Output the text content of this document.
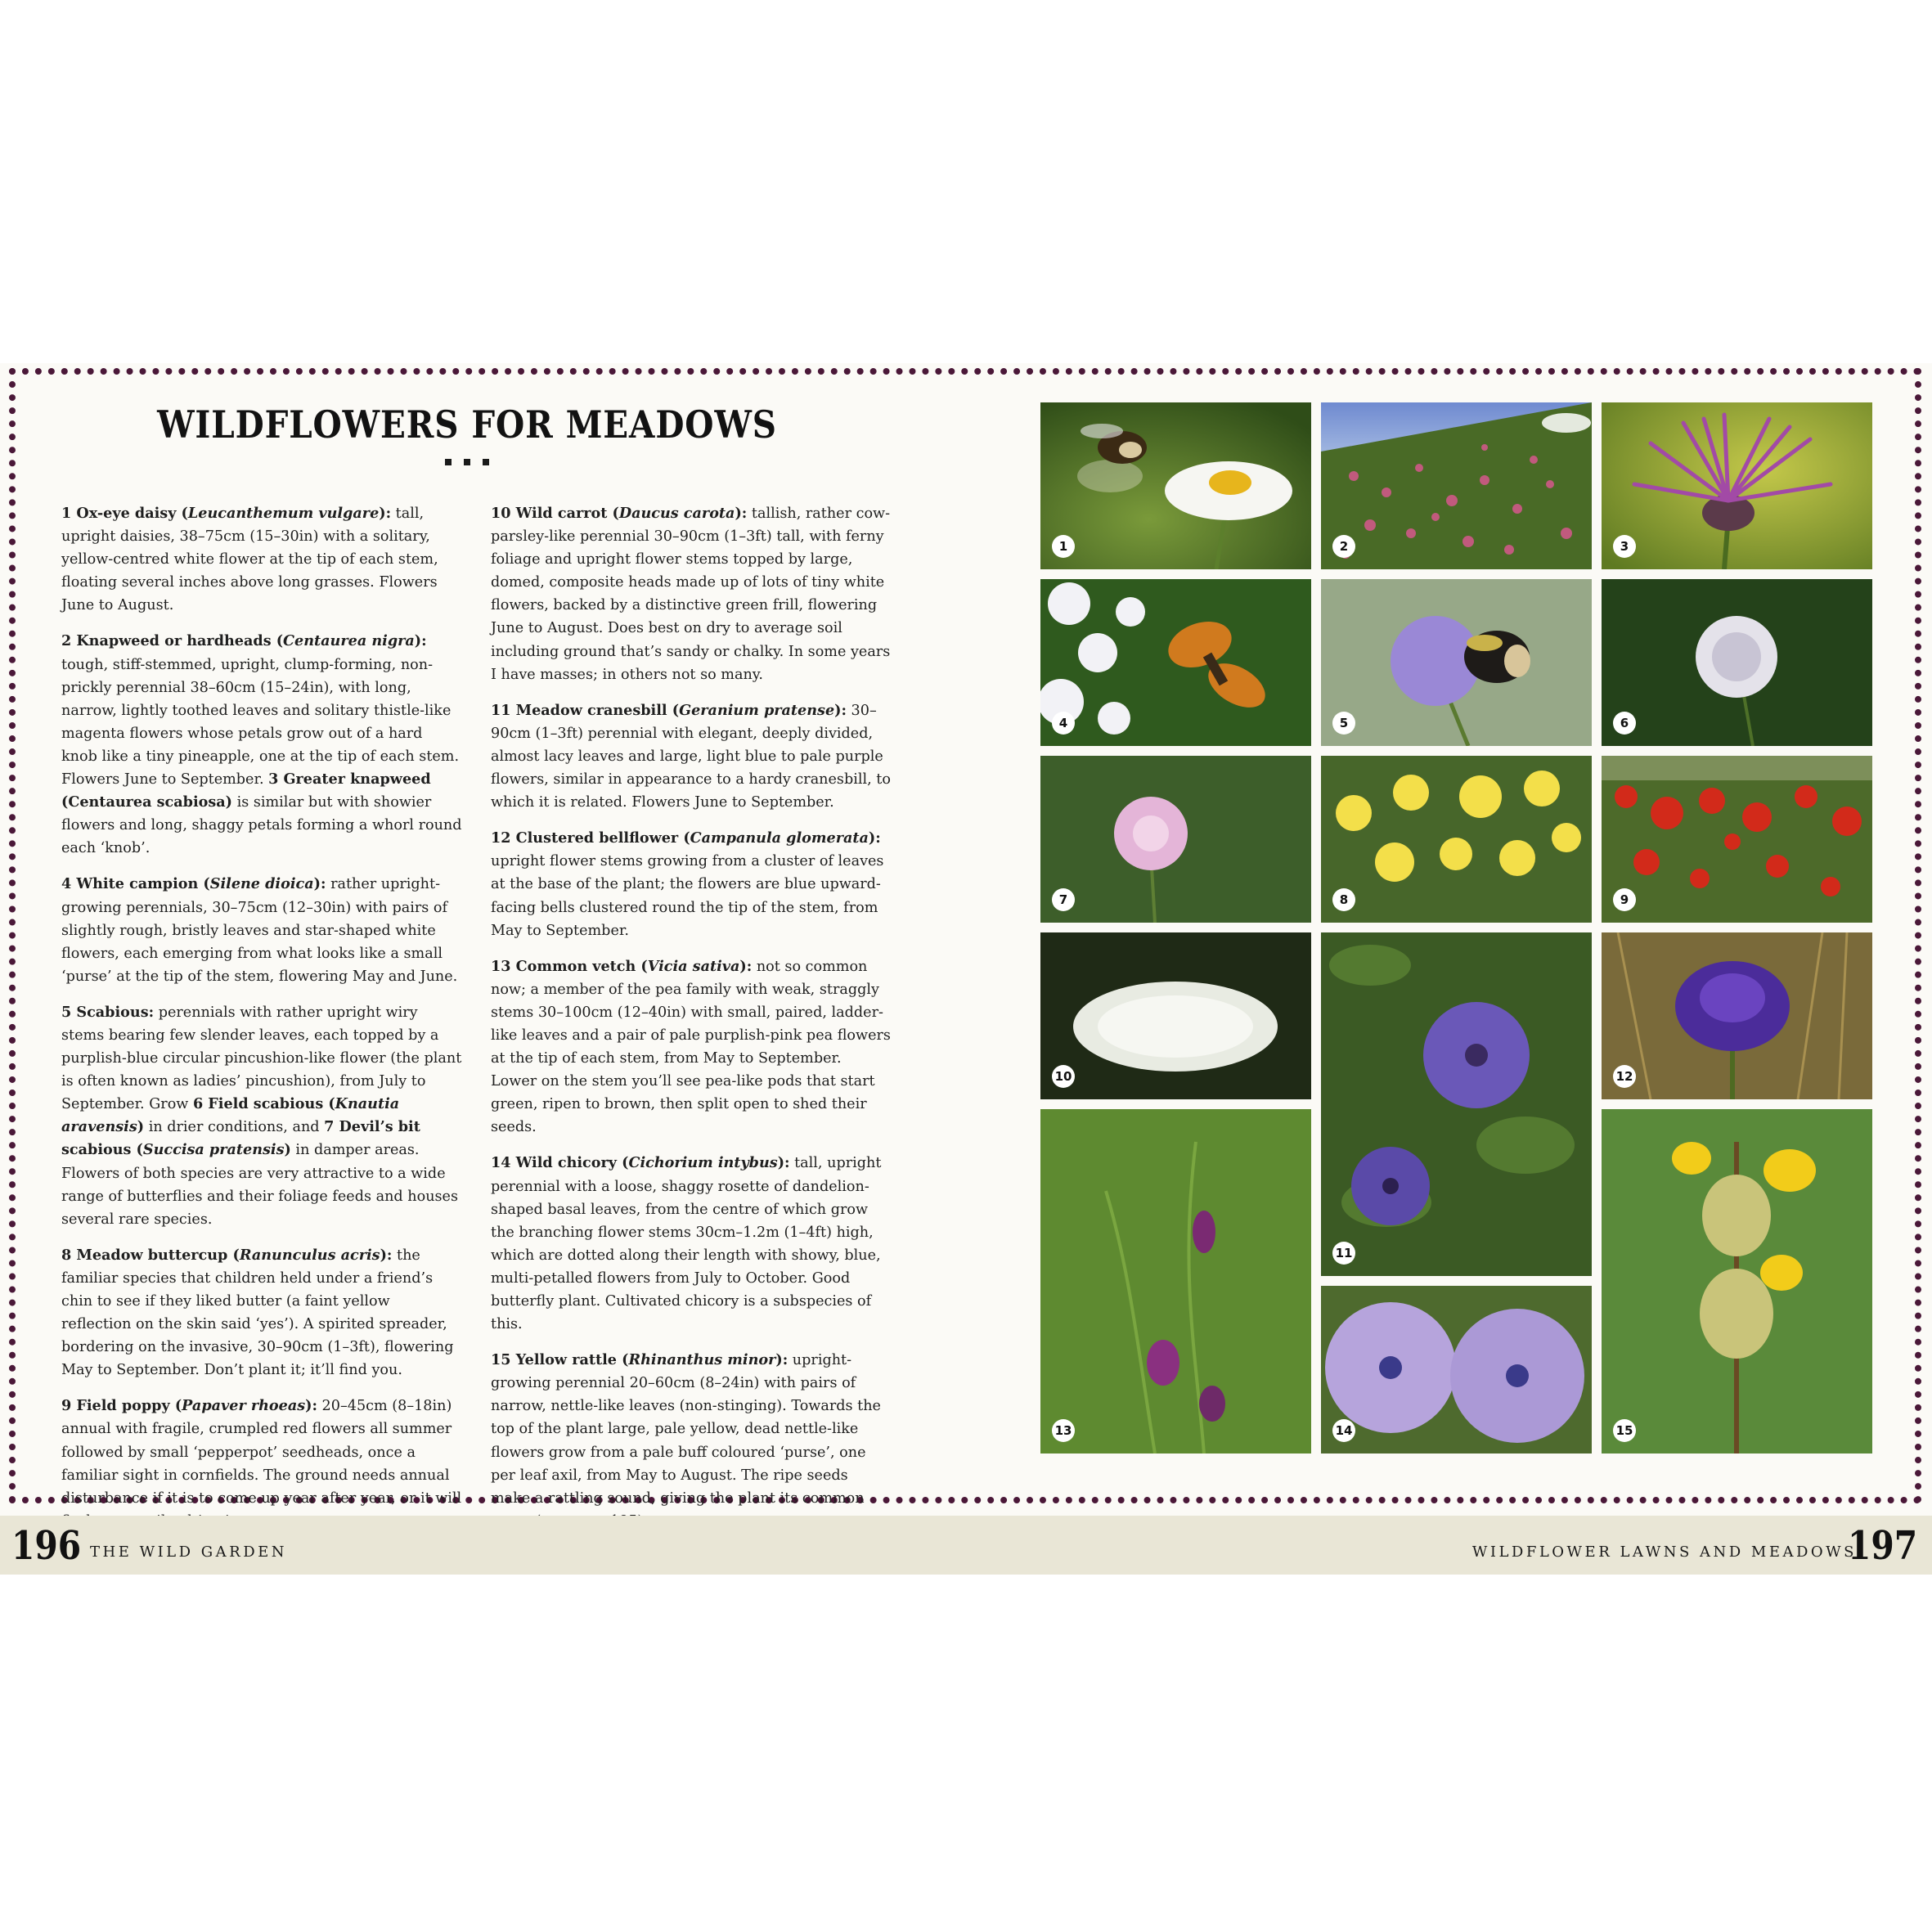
WILDFLOWERS FOR MEADOWS

1 Ox-eye daisy (Leucanthemum vulgare): tall, upright daisies, 38–75cm (15–30in) with a solitary, yellow-centred white flower at the tip of each stem, floating several inches above long grasses. Flowers June to August.

2 Knapweed or hardheads (Centaurea nigra): tough, stiff-stemmed, upright, clump-forming, non-prickly perennial 38–60cm (15–24in), with long, narrow, lightly toothed leaves and solitary thistle-like magenta flowers whose petals grow out of a hard knob like a tiny pineapple, one at the tip of each stem. Flowers June to September. 3 Greater knapweed (Centaurea scabiosa) is similar but with showier flowers and long, shaggy petals forming a whorl round each ‘knob’.

4 White campion (Silene dioica): rather upright-growing perennials, 30–75cm (12–30in) with pairs of slightly rough, bristly leaves and star-shaped white flowers, each emerging from what looks like a small ‘purse’ at the tip of the stem, flowering May and June.

5 Scabious: perennials with rather upright wiry stems bearing few slender leaves, each topped by a purplish-blue circular pincushion-like flower (the plant is often known as ladies’ pincushion), from July to September. Grow 6 Field scabious (Knautia aravensis) in drier conditions, and 7 Devil’s bit scabious (Succisa pratensis) in damper areas. Flowers of both species are very attractive to a wide range of butterflies and their foliage feeds and houses several rare species.

8 Meadow buttercup (Ranunculus acris): the familiar species that children held under a friend’s chin to see if they liked butter (a faint yellow reflection on the skin said ‘yes’). A spirited spreader, bordering on the invasive, 30–90cm (1–3ft), flowering May to September. Don’t plant it; it’ll find you.

9 Field poppy (Papaver rhoeas): 20–45cm (8–18in) annual with fragile, crumpled red flowers all summer followed by small ‘pepperpot’ seedheads, once a familiar sight in cornfields. The ground needs annual disturbance if it is to come up year after year, or it will

10 Wild carrot (Daucus carota): tallish, rather cow-parsley-like perennial 30–90cm (1–3ft) tall, with ferny foliage and upright flower stems topped by large, domed, composite heads made up of lots of tiny white flowers, backed by a distinctive green frill, flowering June to August. Does best on dry to average soil including ground that’s sandy or chalky. In some years I have masses; in others not so many.

11 Meadow cranesbill (Geranium pratense): 30–90cm (1–3ft) perennial with elegant, deeply divided, almost lacy leaves and large, light blue to pale purple flowers, similar in appearance to a hardy cranesbill, to which it is related. Flowers June to September.

12 Clustered bellflower (Campanula glomerata): upright flower stems growing from a cluster of leaves at the base of the plant; the flowers are blue upward-facing bells clustered round the tip of the stem, from May to September.

13 Common vetch (Vicia sativa): not so common now; a member of the pea family with weak, straggly stems 30–100cm (12–40in) with small, paired, ladder-like leaves and a pair of pale purplish-pink pea flowers at the tip of each stem, from May to September. Lower on the stem you’ll see pea-like pods that start green, ripen to brown, then split open to shed their seeds.

14 Wild chicory (Cichorium intybus): tall, upright perennial with a loose, shaggy rosette of dandelion-shaped basal leaves, from the centre of which grow the branching flower stems 30cm–1.2m (1–4ft) high, which are dotted along their length with showy, blue, multi-petalled flowers from July to October. Good butterfly plant. Cultivated chicory is a subspecies of this.

15 Yellow rattle (Rhinanthus minor): upright-growing perennial 20–60cm (8–24in) with pairs of narrow, nettle-like leaves (non-stinging). Towards the top of the plant large, pale yellow, dead nettle-like flowers grow from a pale buff coloured ‘purse’, one per leaf axil, from May to August. The ripe seeds make a rattling sound, giving the plant its common

1	2	3
4	5	6
7	8	9
10
11
12
13	14	15
196 THE WILD GARDEN	WILDFLOWER LAWNS AND MEADOWS
197
